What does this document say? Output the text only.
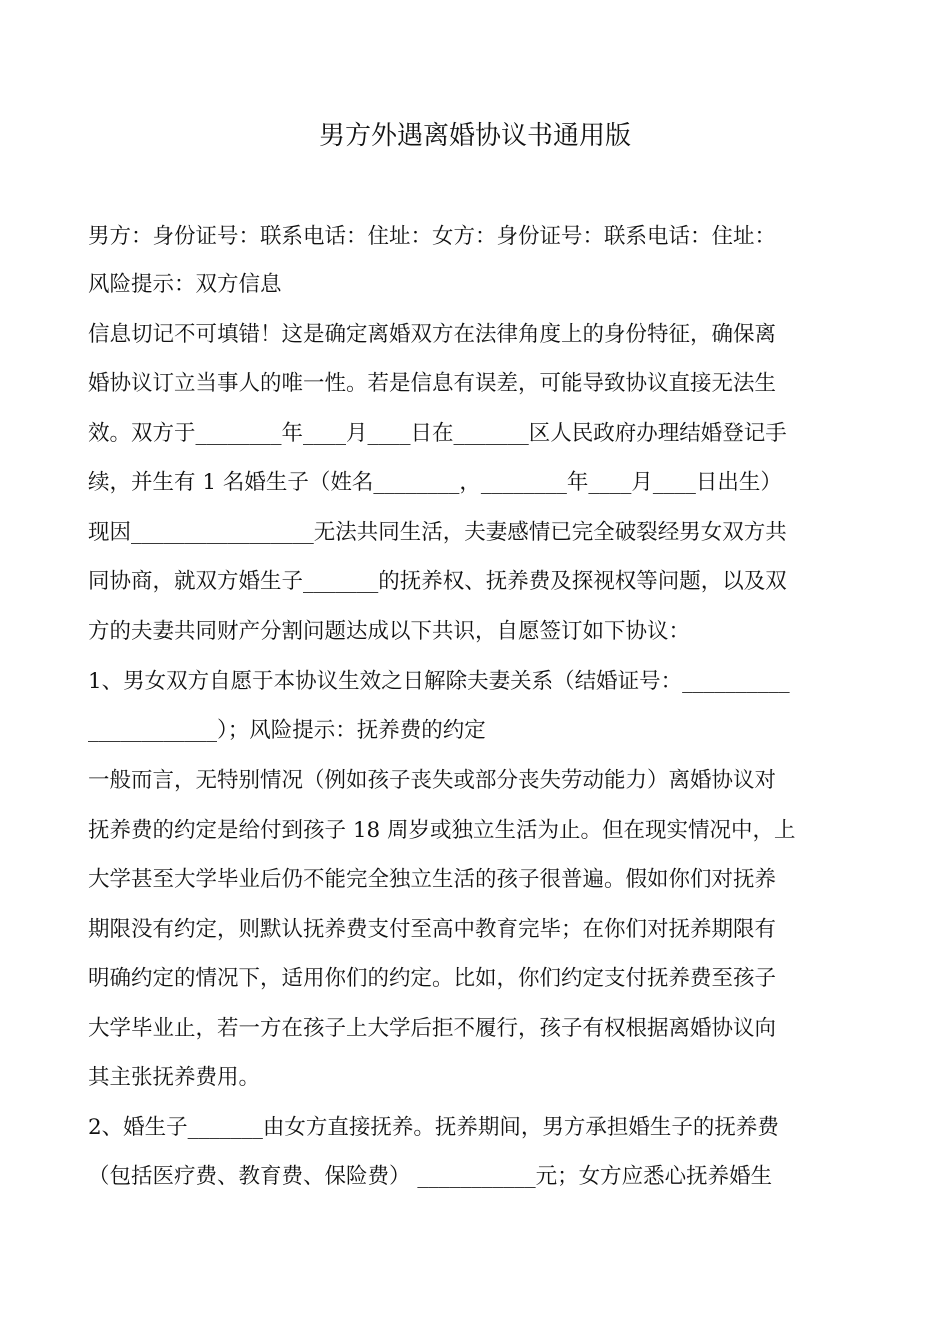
男方外遇离婚协议书通用版
男方：身份证号：联系电话：住址：女方：身份证号：联系电话：住址：
风险提示：双方信息
信息切记不可填错！这是确定离婚双方在法律角度上的身份特征，确保离
婚协议订立当事人的唯一性。若是信息有误差，可能导致协议直接无法生
效。双方于________年____月____日在_______区人民政府办理结婚登记手
续，并生有 1 名婚生子（姓名________，________年____月____日出生）
现因_________________无法共同生活，夫妻感情已完全破裂经男女双方共
同协商，就双方婚生子_______的抚养权、抚养费及探视权等问题，以及双
方的夫妻共同财产分割问题达成以下共识，自愿签订如下协议：
1、男女双方自愿于本协议生效之日解除夫妻关系（结婚证号：__________
____________）；风险提示：抚养费的约定
一般而言，无特别情况（例如孩子丧失或部分丧失劳动能力）离婚协议对
抚养费的约定是给付到孩子 18 周岁或独立生活为止。但在现实情况中，上
大学甚至大学毕业后仍不能完全独立生活的孩子很普遍。假如你们对抚养
期限没有约定，则默认抚养费支付至高中教育完毕；在你们对抚养期限有
明确约定的情况下，适用你们的约定。比如，你们约定支付抚养费至孩子
大学毕业止，若一方在孩子上大学后拒不履行，孩子有权根据离婚协议向
其主张抚养费用。
2、婚生子_______由女方直接抚养。抚养期间，男方承担婚生子的抚养费
（包括医疗费、教育费、保险费） ___________元；女方应悉心抚养婚生
